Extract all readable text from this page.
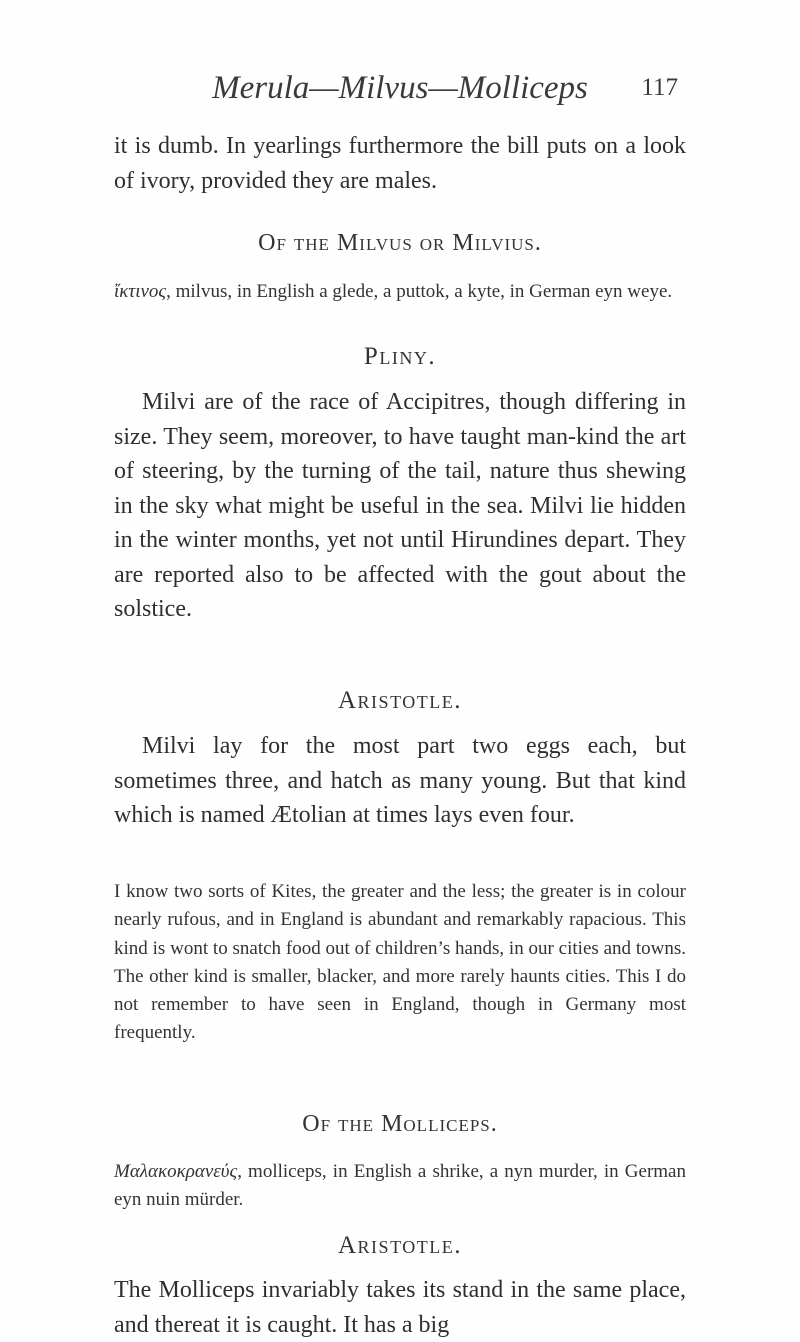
Merula—Milvus—Molliceps	117

it is dumb. In yearlings furthermore the bill puts on a look of ivory, provided they are males.

Of the Milvus or Milvius.

ἴκτινος, milvus, in English a glede, a puttok, a kyte, in German eyn weye.

Pliny.

Milvi are of the race of Accipitres, though differing in size. They seem, moreover, to have taught man-kind the art of steering, by the turning of the tail, nature thus shewing in the sky what might be useful in the sea. Milvi lie hidden in the winter months, yet not until Hirundines depart. They are reported also to be affected with the gout about the solstice.

Aristotle.

Milvi lay for the most part two eggs each, but sometimes three, and hatch as many young. But that kind which is named Ætolian at times lays even four.

I know two sorts of Kites, the greater and the less; the greater is in colour nearly rufous, and in England is abundant and remarkably rapacious. This kind is wont to snatch food out of children’s hands, in our cities and towns. The other kind is smaller, blacker, and more rarely haunts cities. This I do not remember to have seen in England, though in Germany most frequently.

Of the Molliceps.

Μαλακοκρανεύς, molliceps, in English a shrike, a nyn murder, in German eyn nuin mürder.

Aristotle.

The Molliceps invariably takes its stand in the same place, and thereat it is caught. It has a big
